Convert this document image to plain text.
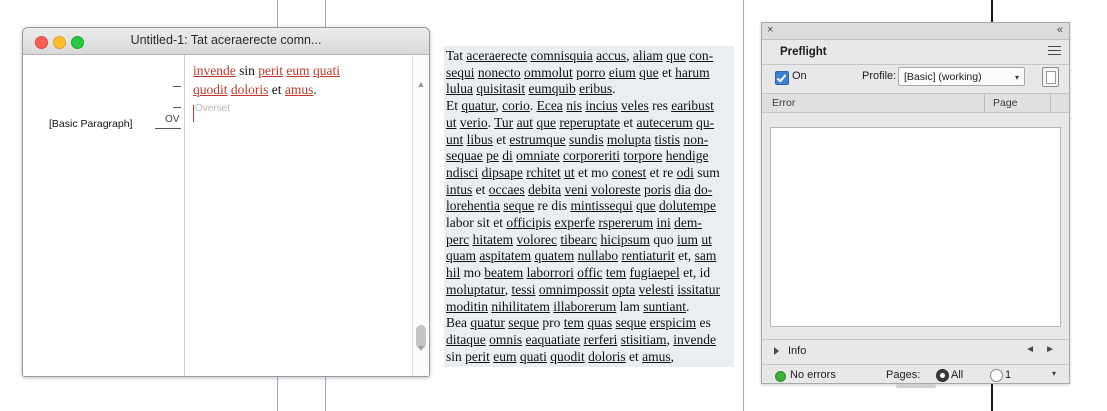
Untitled-1: Tat aceraerecte comn...
[Basic Paragraph]	OV
invende sin perit eum quati
quodit doloris et amus.
Overset
▲
▼
Tat aceraerecte comnisquia accus, aliam que con-
sequi nonecto ommolut porro eium que et harum
lulua quisitasit eumquib eribus.
Et quatur, corio. Ecea nis incius veles res earibust
ut verio. Tur aut que reperuptate et autecerum qu-
unt libus et estrumque sundis molupta tistis non-
sequae pe di omniate corporeriti torpore hendige
ndisci dipsape rchitet ut et mo conest et re odi sum
intus et occaes debita veni voloreste poris dia do-
lorehentia seque re dis mintissequi que dolutempe
labor sit et officipis experfe rspererum ini dem-
perc hitatem volorec tibearc hicipsum quo ium ut
quam aspitatem quatem nullabo rentiaturit et, sam
hil mo beatem laborrori offic tem fugiaepel et, id
moluptatur, tessi omnimpossit opta velesti issitatur
moditin nihilitatem illaborerum lam suntiant.
Bea quatur seque pro tem quas seque erspicim es
ditaque omnis eaquatiate rerferi stisitiam, invende
sin perit eum quati quodit doloris et amus,
×	«
Preflight
On	Profile: [Basic] (working)	▾
Error	Page
Info	◄ ►
No errors	Pages:	All	1	▾
